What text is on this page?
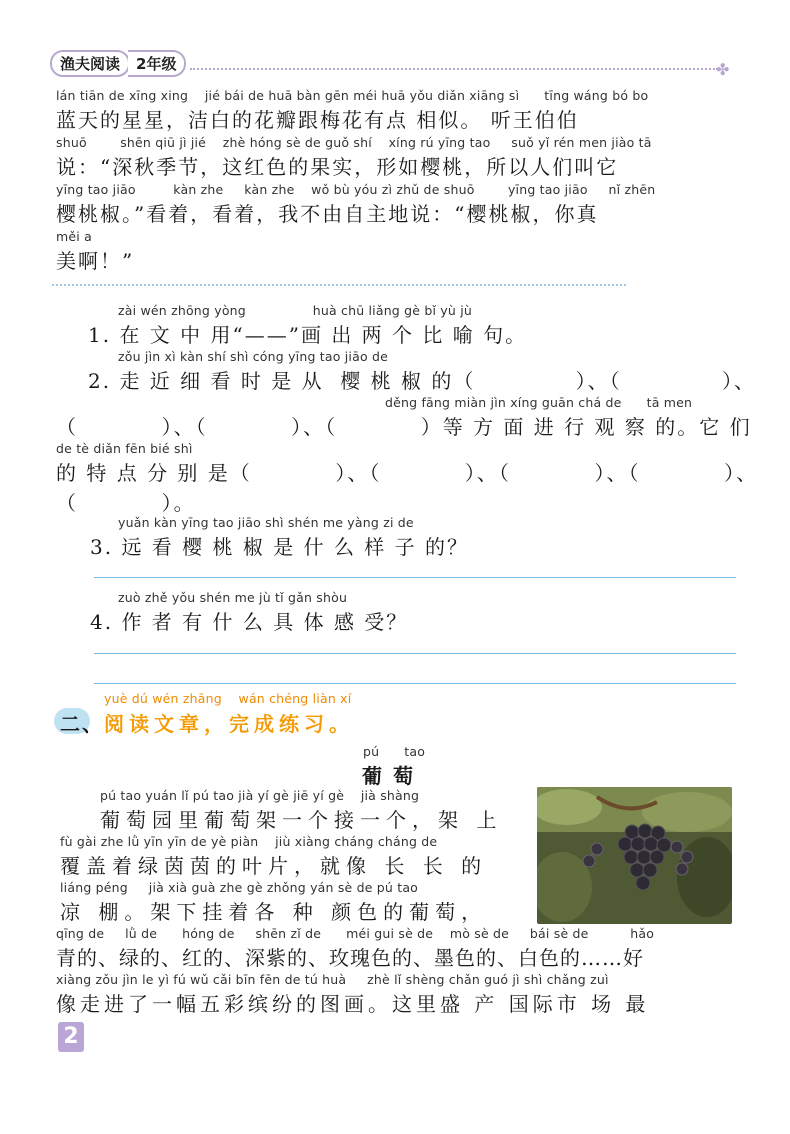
渔夫阅读	2年级	✤
lán tiān de xīng xing    jié bái de huā bàn gēn méi huā yǒu diǎn xiāng sì      tīng wáng bó bo
蓝天的星星，洁白的花瓣跟梅花有点 相似。 听王伯伯
shuō        shēn qiū jì jié    zhè hóng sè de guǒ shí    xíng rú yīng tao     suǒ yǐ rén men jiào tā
说：“深秋季节，这红色的果实，形如樱桃，所以人们叫它
yīng tao jiāo         kàn zhe     kàn zhe    wǒ bù yóu zì zhǔ de shuō        yīng tao jiāo     nǐ zhēn
樱桃椒。”看着，看着，我不由自主地说：“樱桃椒，你真
měi a
美啊！”
zài wén zhōng yòng                huà chū liǎng gè bǐ yù jù
1. 在 文 中 用“——”画 出 两 个 比 喻 句。
zǒu jìn xì kàn shí shì cóng yīng tao jiāo de
2. 走 近 细 看 时 是 从  樱 桃 椒 的（            ）、（            ）、
děng fāng miàn jìn xíng guān chá de      tā men
（          ）、（          ）、（          ）等 方 面 进 行 观 察 的。它 们
de tè diǎn fēn bié shì
的 特 点 分 别 是（          ）、（          ）、（          ）、（          ）、
（          ）。
yuǎn kàn yīng tao jiāo shì shén me yàng zi de
3. 远 看 樱 桃 椒 是 什 么 样 子 的？
zuò zhě yǒu shén me jù tǐ gǎn shòu
4. 作 者 有 什 么 具 体 感 受？
yuè dú wén zhāng    wán chéng liàn xí
二、 阅读文章，完成练习。
pú      tao
葡 萄
pú tao yuán lǐ pú tao jià yí gè jiē yí gè    jià shàng
葡萄园里葡萄架一个接一个，架 上
fù gài zhe lǜ yīn yīn de yè piàn    jiù xiàng cháng cháng de
覆盖着绿茵茵的叶片，就像 长 长 的
liáng péng     jià xià guà zhe gè zhǒng yán sè de pú tao
凉 棚。架下挂着各 种 颜色的葡萄，
qīng de     lǜ de      hóng de     shēn zǐ de      méi gui sè de    mò sè de     bái sè de          hǎo
青的、绿的、红的、深紫的、玫瑰色的、墨色的、白色的……好
xiàng zǒu jìn le yì fú wǔ cǎi bīn fēn de tú huà     zhè lǐ shèng chǎn guó jì shì chǎng zuì
像走进了一幅五彩缤纷的图画。这里盛 产 国际市 场 最
2
